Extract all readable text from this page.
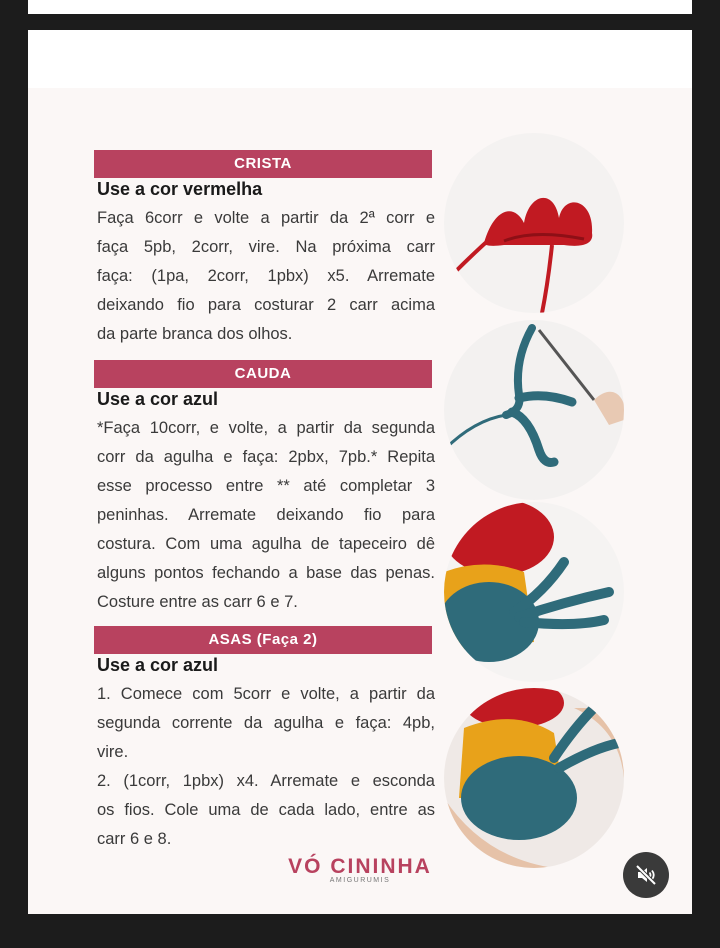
CRISTA
Use a cor vermelha
Faça 6corr e volte a partir da 2ª corr e
faça 5pb, 2corr, vire. Na próxima carr
faça: (1pa, 2corr, 1pbx) x5. Arremate
deixando fio para costurar 2 carr acima
da parte branca dos olhos.
CAUDA
Use a cor azul
*Faça 10corr, e volte, a partir da segunda
corr da agulha e faça: 2pbx, 7pb.* Repita
esse processo entre ** até completar 3
peninhas. Arremate deixando fio para
costura. Com uma agulha de tapeceiro dê
alguns pontos fechando a base das penas.
Costure entre as carr 6 e 7.
ASAS (Faça 2)
Use a cor azul
1. Comece com 5corr e volte, a partir da
segunda corrente da agulha e faça: 4pb,
vire.
2. (1corr, 1pbx) x4. Arremate e esconda
os fios. Cole uma de cada lado, entre as
carr 6 e 8.
VÓ CININHA
AMIGURUMIS
